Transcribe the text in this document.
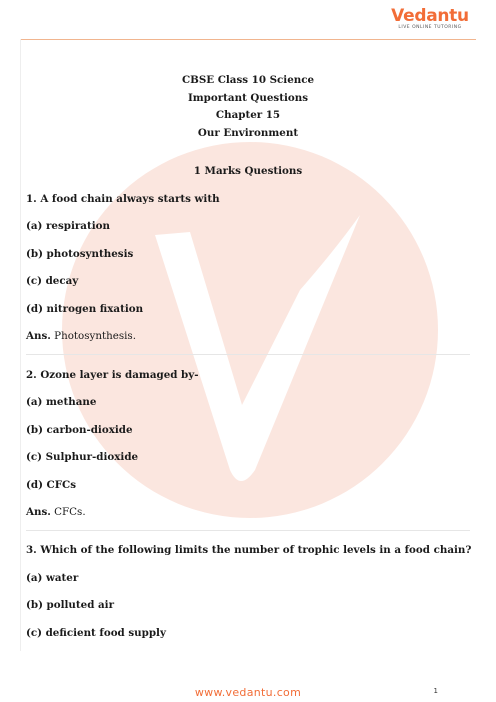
Vedantu
LIVE ONLINE TUTORING
CBSE Class 10 Science
Important Questions
Chapter 15
Our Environment
1 Marks Questions
1. A food chain always starts with
(a) respiration
(b) photosynthesis
(c) decay
(d) nitrogen fixation
Ans. Photosynthesis.
2. Ozone layer is damaged by-
(a) methane
(b) carbon-dioxide
(c) Sulphur-dioxide
(d) CFCs
Ans. CFCs.
3. Which of the following limits the number of trophic levels in a food chain?
(a) water
(b) polluted air
(c) deficient food supply
www.vedantu.com	1
